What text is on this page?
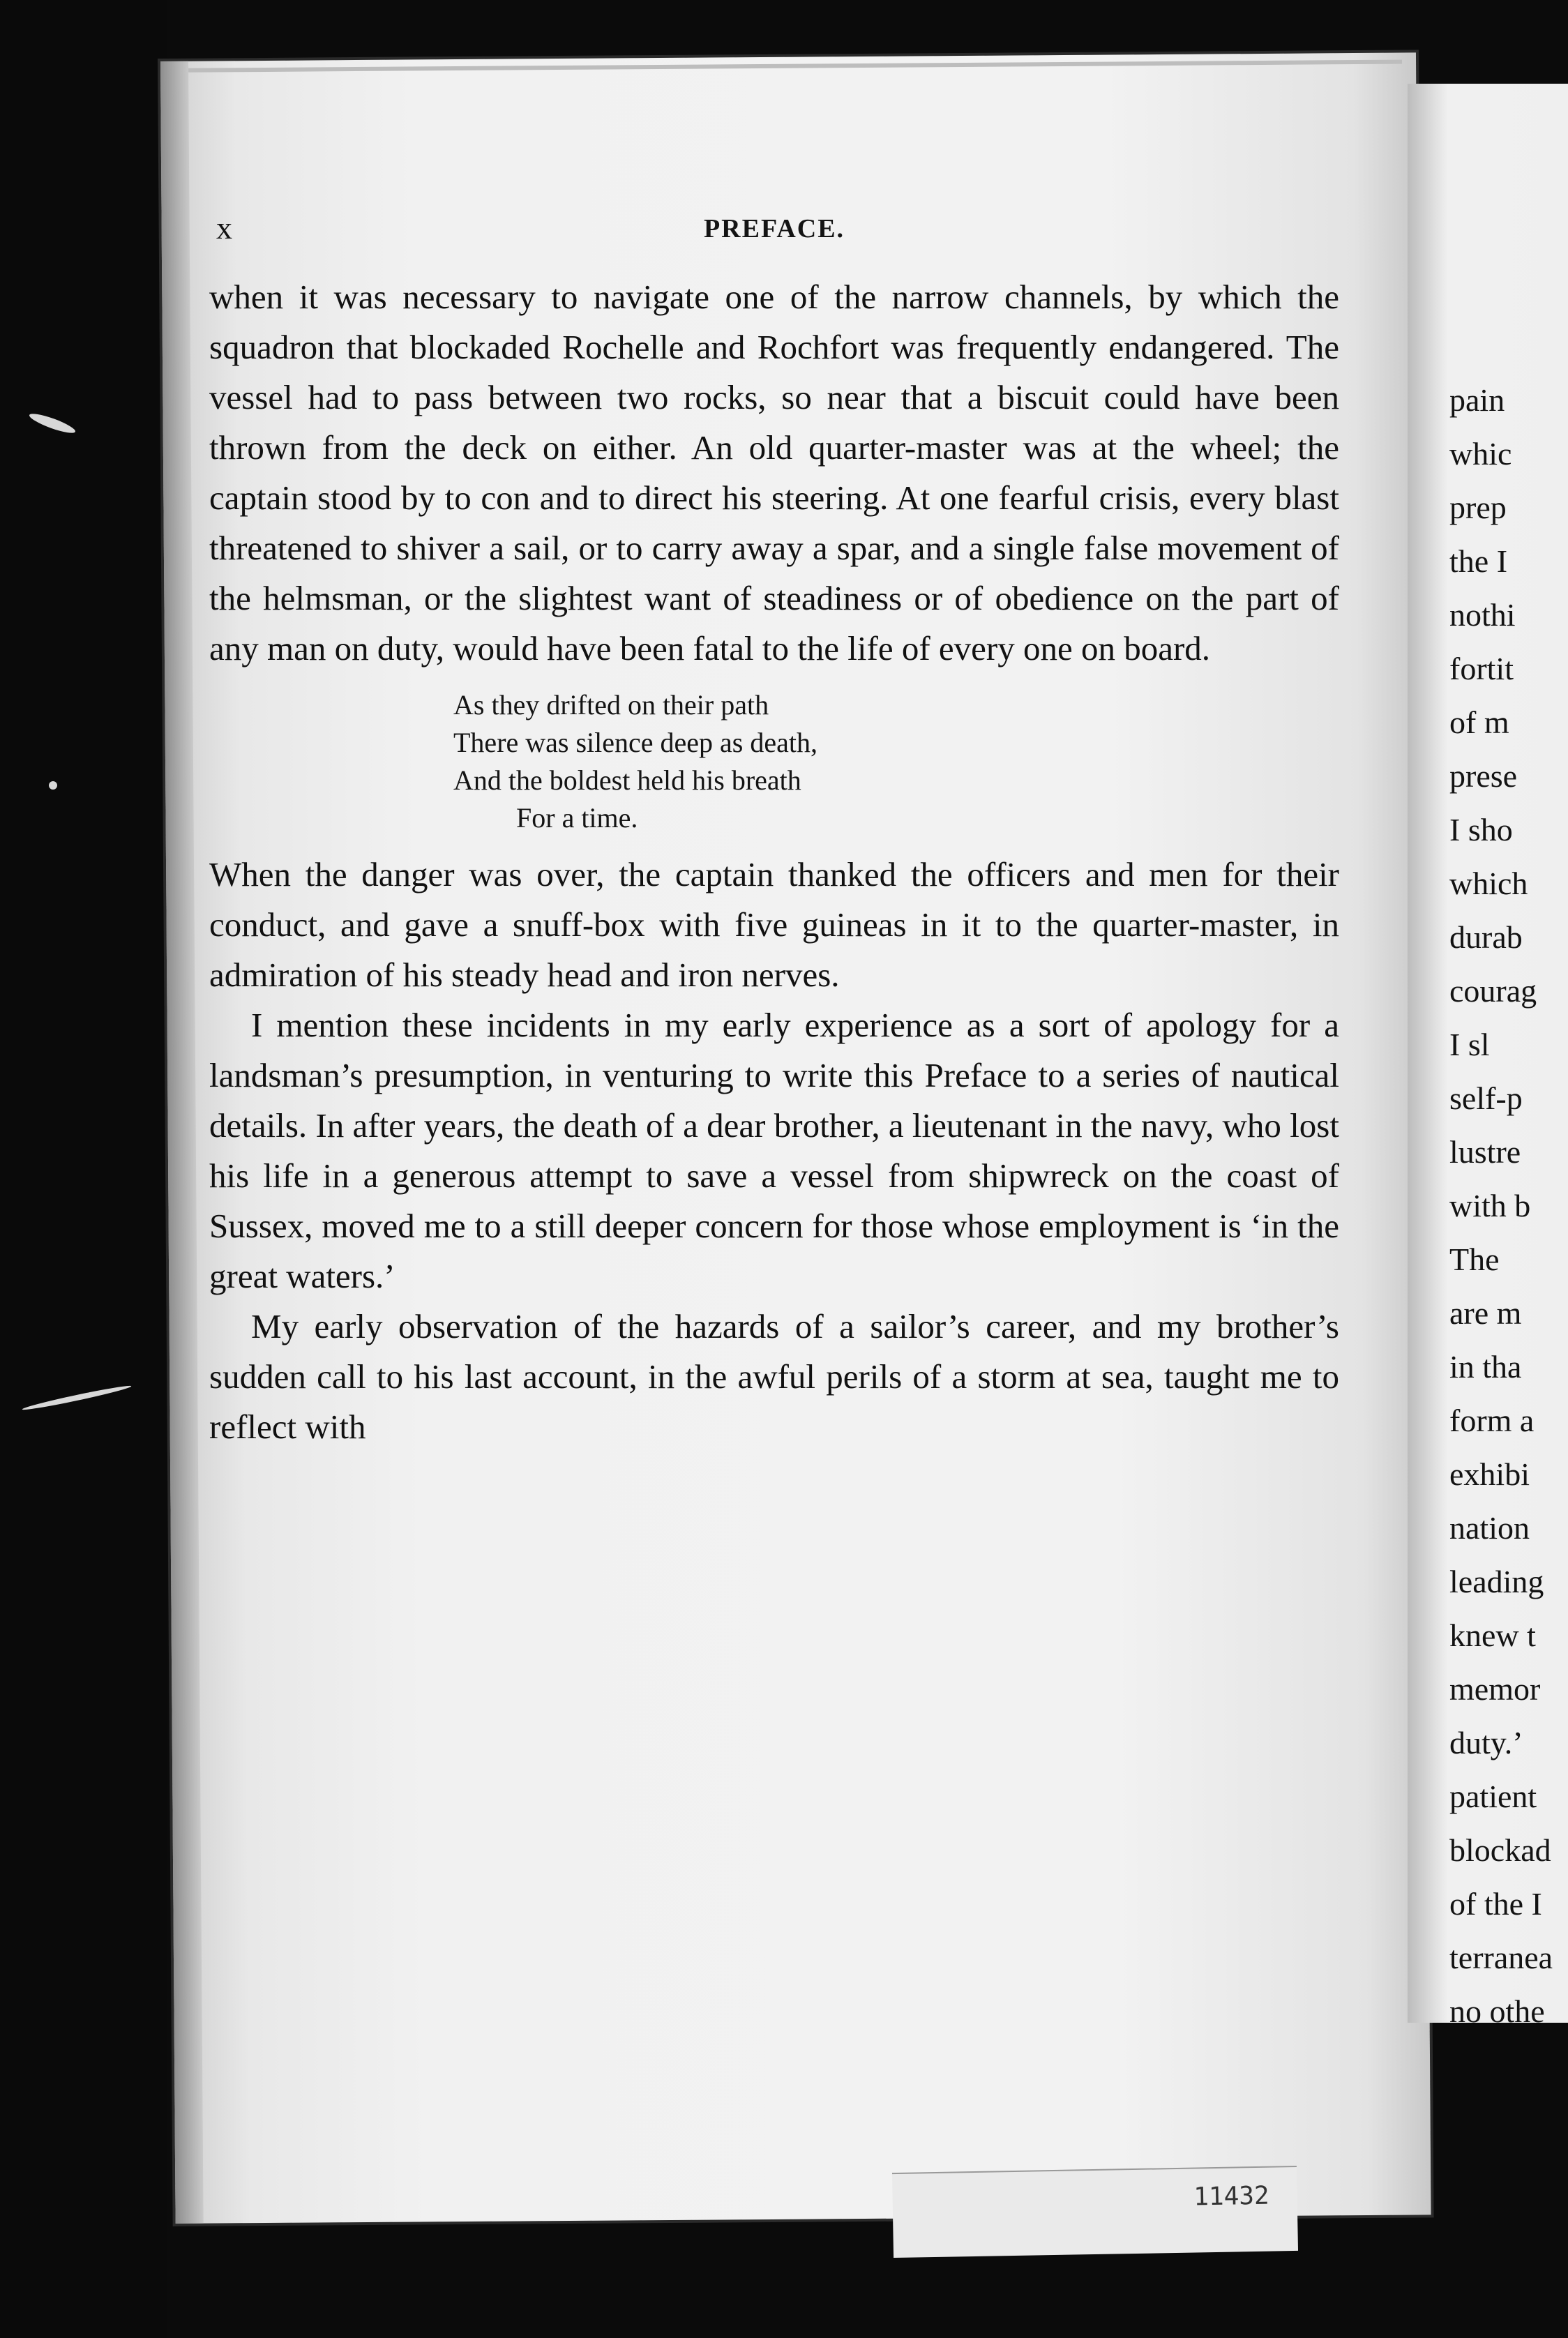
x	PREFACE.

when it was necessary to navigate one of the narrow channels, by which the squadron that blockaded Rochelle and Rochfort was frequently endangered. The vessel had to pass between two rocks, so near that a biscuit could have been thrown from the deck on either. An old quarter-master was at the wheel; the captain stood by to con and to direct his steering. At one fearful crisis, every blast threatened to shiver a sail, or to carry away a spar, and a single false movement of the helmsman, or the slightest want of steadiness or of obedience on the part of any man on duty, would have been fatal to the life of every one on board.

As they drifted on their path
There was silence deep as death,
And the boldest held his breath
For a time.

When the danger was over, the captain thanked the officers and men for their conduct, and gave a snuff-box with five guineas in it to the quarter-master, in admiration of his steady head and iron nerves.

I mention these incidents in my early experience as a sort of apology for a landsman’s presumption, in venturing to write this Preface to a series of nautical details. In after years, the death of a dear brother, a lieutenant in the navy, who lost his life in a generous attempt to save a vessel from shipwreck on the coast of Sussex, moved me to a still deeper concern for those whose employment is ‘in the great waters.’

My early observation of the hazards of a sailor’s career, and my brother’s sudden call to his last account, in the awful perils of a storm at sea, taught me to reflect with

pain
whic
prep
the I
nothi
fortit
of m
prese
I sho
which
durab
courag
I sl
self-p
lustre
with b
The
are m
in tha
form a
exhibi
nation
leading
knew t
memor
duty.’
patient
blockad
of the I
terranea
no othe
11432
